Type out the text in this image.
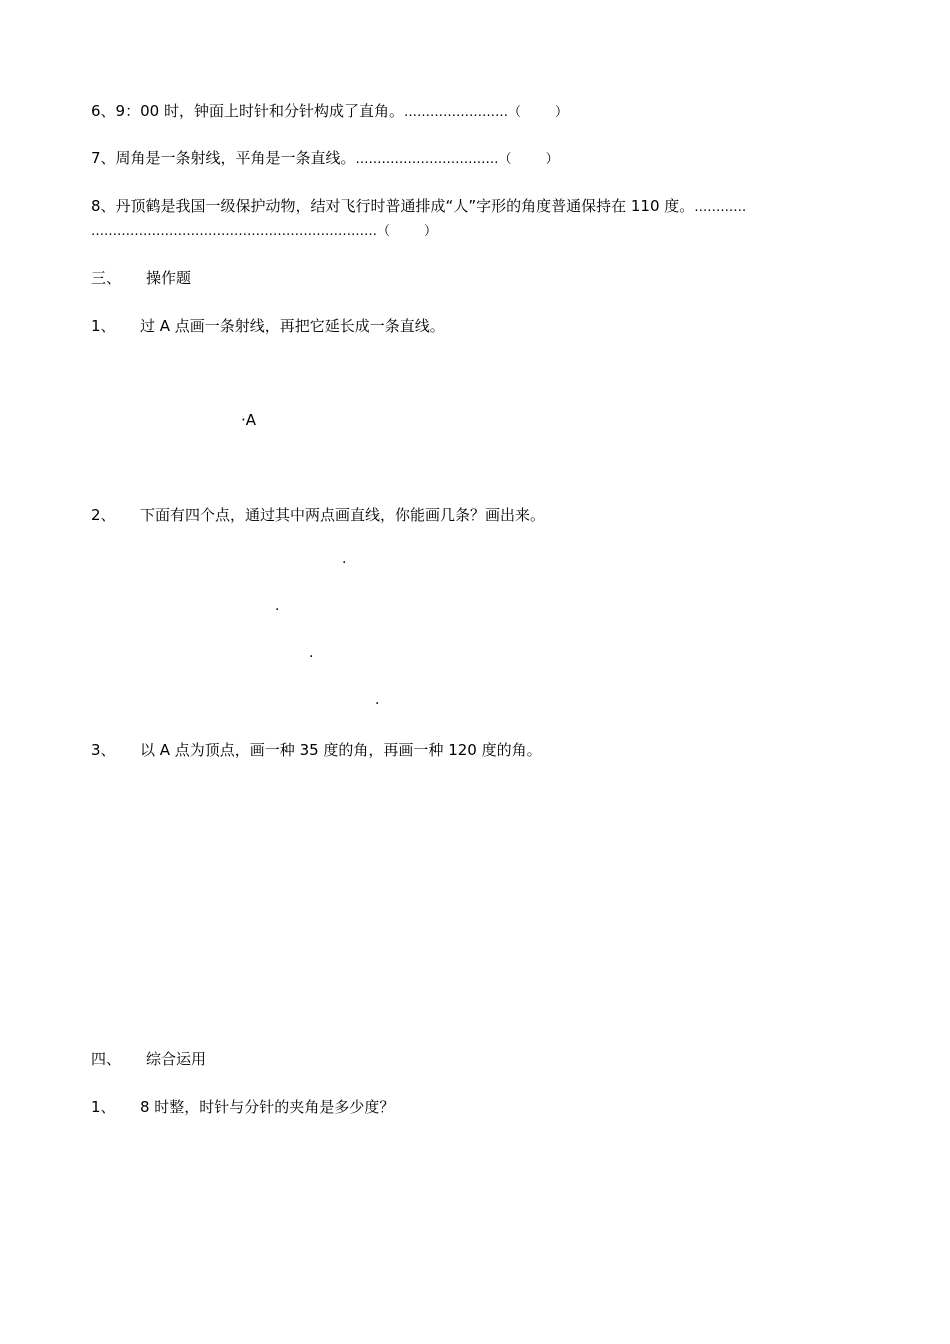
6、9：00 时，钟面上时针和分针构成了直角。……………………（	）
7、周角是一条射线，平角是一条直线。……………………………（	）
8、丹顶鹤是我国一级保护动物，结对飞行时普通排成“人”字形的角度普通保持在 110 度。…………
…………………………………………………………（	）
三、 操作题
1、 过 A 点画一条射线，再把它延长成一条直线。
·A
2、 下面有四个点，通过其中两点画直线，你能画几条？画出来。
.
.
.
.
3、 以 A 点为顶点，画一种 35 度的角，再画一种 120 度的角。
四、 综合运用
1、 8 时整，时针与分针的夹角是多少度？
